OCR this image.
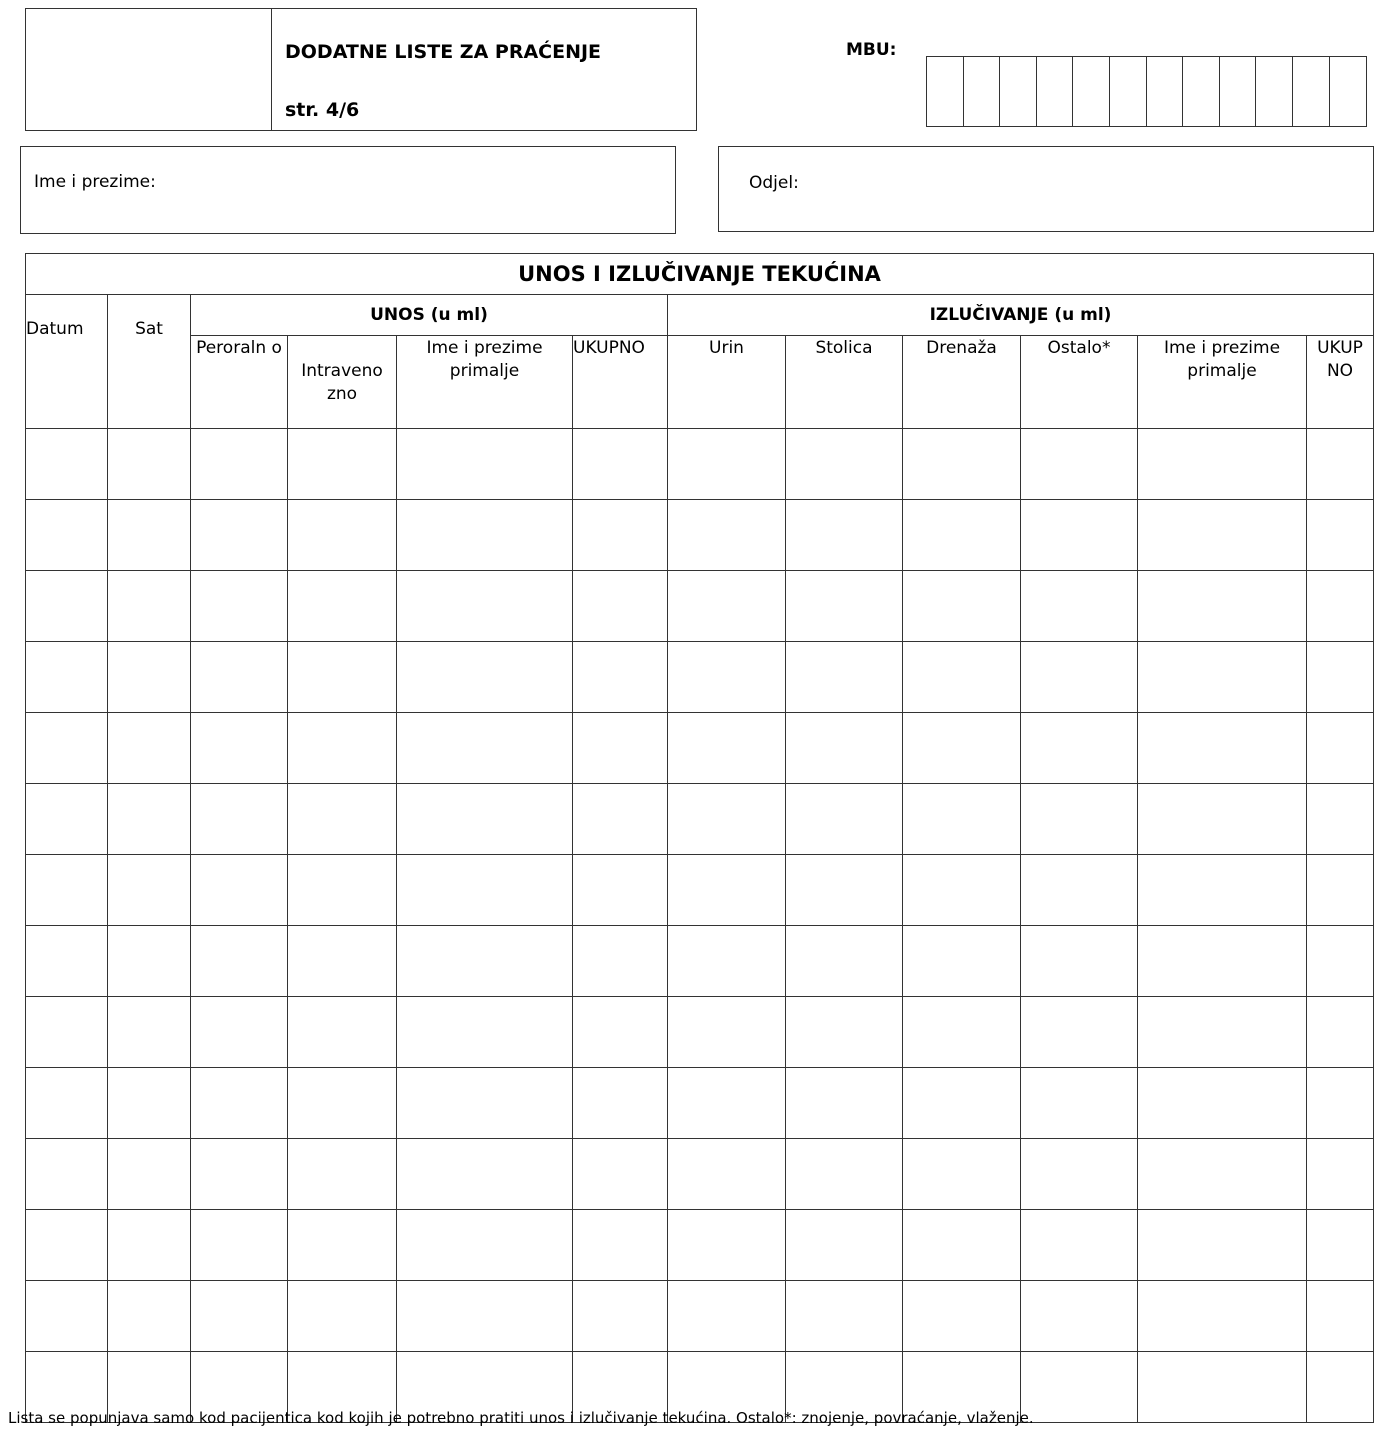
DODATNE LISTE ZA PRAĆENJE
str. 4/6
MBU:
Ime i prezime:	Odjel:
UNOS I IZLUČIVANJE TEKUĆINA											
Datum	Sat	UNOS (u ml)				IZLUČIVANJE (u ml)					
		Peroraln o	Intraveno zno	Ime i prezime primalje	UKUPNO	Urin	Stolica	Drenaža	Ostalo*	Ime i prezime primalje	UKUP NO

Lista se popunjava samo kod pacijentica kod kojih je potrebno pratiti unos i izlučivanje tekućina. Ostalo*: znojenje, povraćanje, vlaženje.
